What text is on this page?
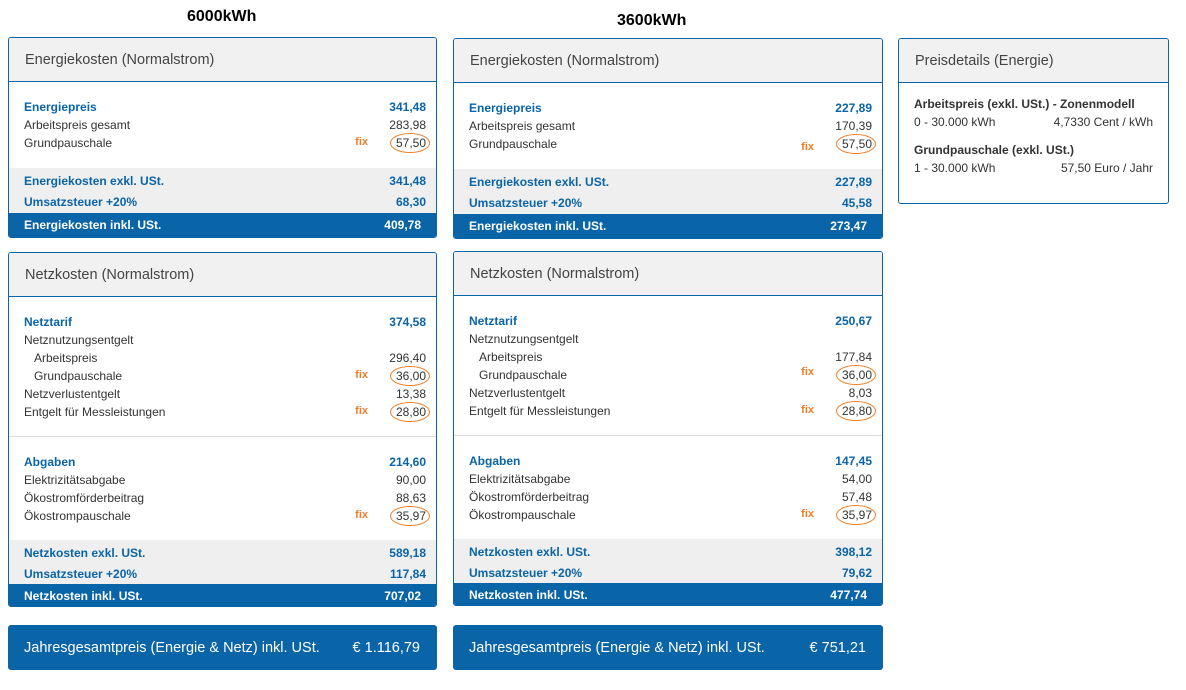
6000kWh
Energiekosten (Normalstrom)
Energiepreis	341,48
Arbeitspreis gesamt	283,98
Grundpauschale	fix	57,50
Energiekosten exkl. USt.	341,48
Umsatzsteuer +20%	68,30
Energiekosten inkl. USt.	409,78
Netzkosten (Normalstrom)
Netztarif	374,58
Netznutzungsentgelt
Arbeitspreis	296,40
Grundpauschale	fix	36,00
Netzverlustentgelt	13,38
Entgelt für Messleistungen	fix	28,80
Abgaben	214,60
Elektrizitätsabgabe	90,00
Ökostromförderbeitrag	88,63
Ökostrompauschale	fix	35,97
Netzkosten exkl. USt.	589,18
Umsatzsteuer +20%	117,84
Netzkosten inkl. USt.	707,02
Jahresgesamtpreis (Energie & Netz) inkl. USt. € 1.116,79
3600kWh
Energiekosten (Normalstrom)
Energiepreis	227,89
Arbeitspreis gesamt	170,39
Grundpauschale	fix	57,50
Energiekosten exkl. USt.	227,89
Umsatzsteuer +20%	45,58
Energiekosten inkl. USt.	273,47
Netzkosten (Normalstrom)
Netztarif	250,67
Netznutzungsentgelt
Arbeitspreis	177,84
Grundpauschale	fix	36,00
Netzverlustentgelt	8,03
Entgelt für Messleistungen	fix	28,80
Abgaben	147,45
Elektrizitätsabgabe	54,00
Ökostromförderbeitrag	57,48
Ökostrompauschale	fix	35,97
Netzkosten exkl. USt.	398,12
Umsatzsteuer +20%	79,62
Netzkosten inkl. USt.	477,74
Jahresgesamtpreis (Energie & Netz) inkl. USt.	€ 751,21
Preisdetails (Energie)
Arbeitspreis (exkl. USt.) - Zonenmodell
0 - 30.000 kWh	4,7330 Cent / kWh
Grundpauschale (exkl. USt.)
1 - 30.000 kWh	57,50 Euro / Jahr
